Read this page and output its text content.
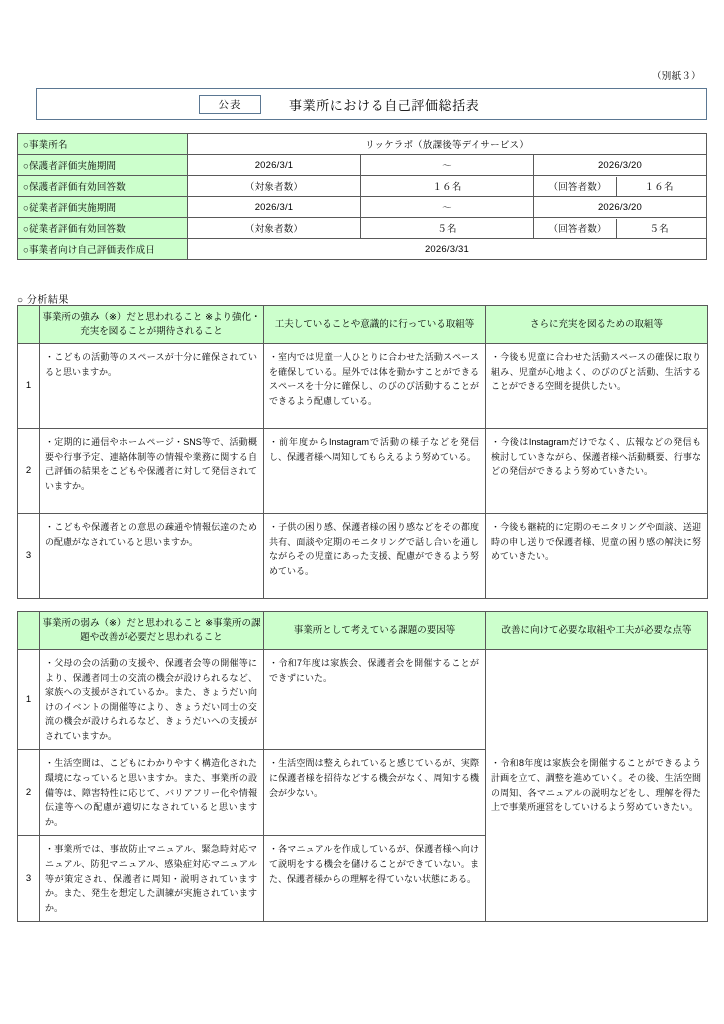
（別紙３）
公表	事業所における自己評価総括表
○事業所名	リッケラボ（放課後等デイサービス）
○保護者評価実施期間	2026/3/1	～	2026/3/20
○保護者評価有効回答数	（対象者数）	１６名		（回答者数）	１６名

○従業者評価実施期間	2026/3/1	～	2026/3/20
○従業者評価有効回答数	（対象者数）	５名		（回答者数）	５名

○事業者向け自己評価表作成日	2026/3/31
○ 分析結果
	事業所の強み（※）だと思われること ※より強化・充実を図ることが期待されること	工夫していることや意識的に行っている取組等	さらに充実を図るための取組等
1	・こどもの活動等のスペースが十分に確保されていると思いますか。	・室内では児童一人ひとりに合わせた活動スペースを確保している。屋外では体を動かすことができるスペースを十分に確保し、のびのび活動することができるよう配慮している。	・今後も児童に合わせた活動スペースの確保に取り組み、児童が心地よく、のびのびと活動、生活することができる空間を提供したい。
2	・定期的に通信やホームページ・SNS等で、活動概要や行事予定、連絡体制等の情報や業務に関する自己評価の結果をこどもや保護者に対して発信されていますか。	・前年度からInstagramで活動の様子などを発信し、保護者様へ周知してもらえるよう努めている。	・今後はInstagramだけでなく、広報などの発信も検討していきながら、保護者様へ活動概要、行事などの発信ができるよう努めていきたい。
3	・こどもや保護者との意思の疎通や情報伝達のための配慮がなされていると思いますか。	・子供の困り感、保護者様の困り感などをその都度共有、面談や定期のモニタリングで話し合いを通しながらその児童にあった支援、配慮ができるよう努めている。	・今後も継続的に定期のモニタリングや面談、送迎時の申し送りで保護者様、児童の困り感の解決に努めていきたい。
	事業所の弱み（※）だと思われること ※事業所の課題や改善が必要だと思われること	事業所として考えている課題の要因等	改善に向けて必要な取組や工夫が必要な点等
1	・父母の会の活動の支援や、保護者会等の開催等により、保護者同士の交流の機会が設けられるなど、家族への支援がされているか。また、きょうだい向けのイベントの開催等により、きょうだい同士の交流の機会が設けられるなど、きょうだいへの支援がされていますか。	・令和7年度は家族会、保護者会を開催することができずにいた。	・令和8年度は家族会を開催することができるよう計画を立て、調整を進めていく。その後、生活空間の周知、各マニュアルの説明などをし、理解を得た上で事業所運営をしていけるよう努めていきたい。
2	・生活空間は、こどもにわかりやすく構造化された環境になっていると思いますか。また、事業所の設備等は、障害特性に応じて、バリアフリー化や情報伝達等への配慮が適切になされていると思いますか。	・生活空間は整えられていると感じているが、実際に保護者様を招待などする機会がなく、周知する機会が少ない。	
3	・事業所では、事故防止マニュアル、緊急時対応マニュアル、防犯マニュアル、感染症対応マニュアル等が策定され、保護者に周知・説明されていますか。また、発生を想定した訓練が実施されていますか。	・各マニュアルを作成しているが、保護者様へ向けて説明をする機会を儲けることができていない。また、保護者様からの理解を得ていない状態にある。	
